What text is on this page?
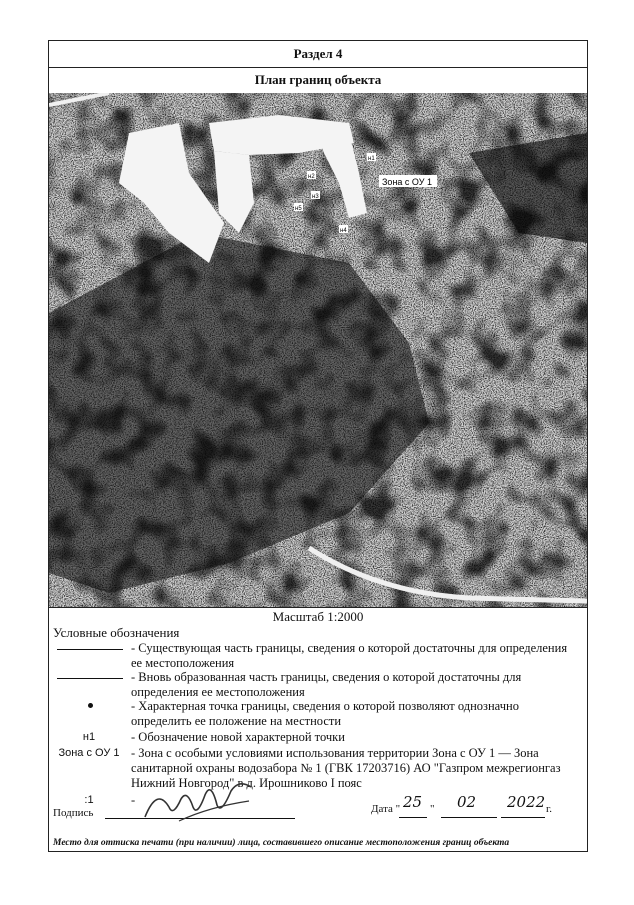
Раздел 4
План границ объекта
Зона с ОУ 1
н1
н2
н3
н4
н5
Масштаб 1:2000
Условные обозначения
- Существующая часть границы, сведения о которой достаточны для определения ее местоположения
- Вновь образованная часть границы, сведения о которой достаточны для определения ее местоположения
- Характерная точка границы, сведения о которой позволяют однозначно определить ее положение на местности
н1	- Обозначение новой характерной точки
Зона с ОУ 1 - Зона с особыми условиями использования территории Зона с ОУ 1 — Зона санитарной охраны водозабора № 1 (ГВК 17203716) АО "Газпром межрегионгаз Нижний Новгород" в д. Ирошниково I пояс
:1	-
Подпись	Дата " 25 " 02 2022 г.
Место для оттиска печати (при наличии) лица, составившего описание местоположения границ объекта
